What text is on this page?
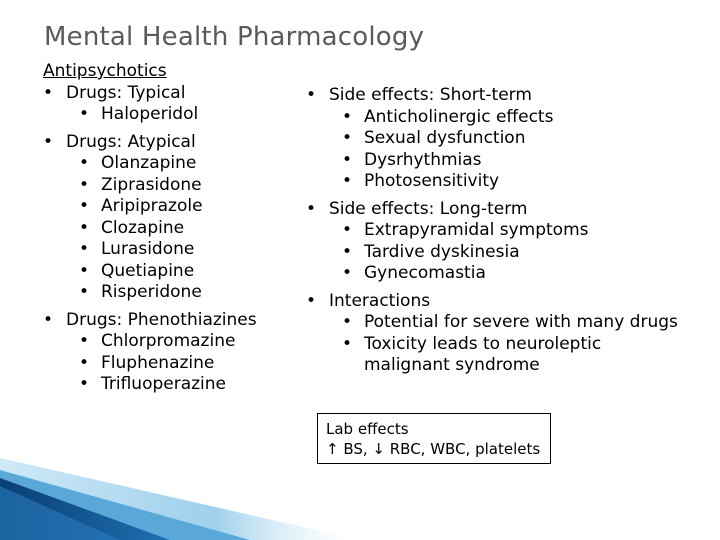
Mental Health Pharmacology
Antipsychotics
• Drugs: Typical
• Haloperidol
• Drugs: Atypical
• Olanzapine
• Ziprasidone
• Aripiprazole
• Clozapine
• Lurasidone
• Quetiapine
• Risperidone
• Drugs: Phenothiazines
• Chlorpromazine
• Fluphenazine
• Trifluoperazine
• Side effects: Short-term
• Anticholinergic effects
• Sexual dysfunction
• Dysrhythmias
• Photosensitivity
• Side effects: Long-term
• Extrapyramidal symptoms
• Tardive dyskinesia
• Gynecomastia
• Interactions
• Potential for severe with many drugs
• Toxicity leads to neuroleptic malignant syndrome
Lab effects
↑ BS, ↓ RBC, WBC, platelets
